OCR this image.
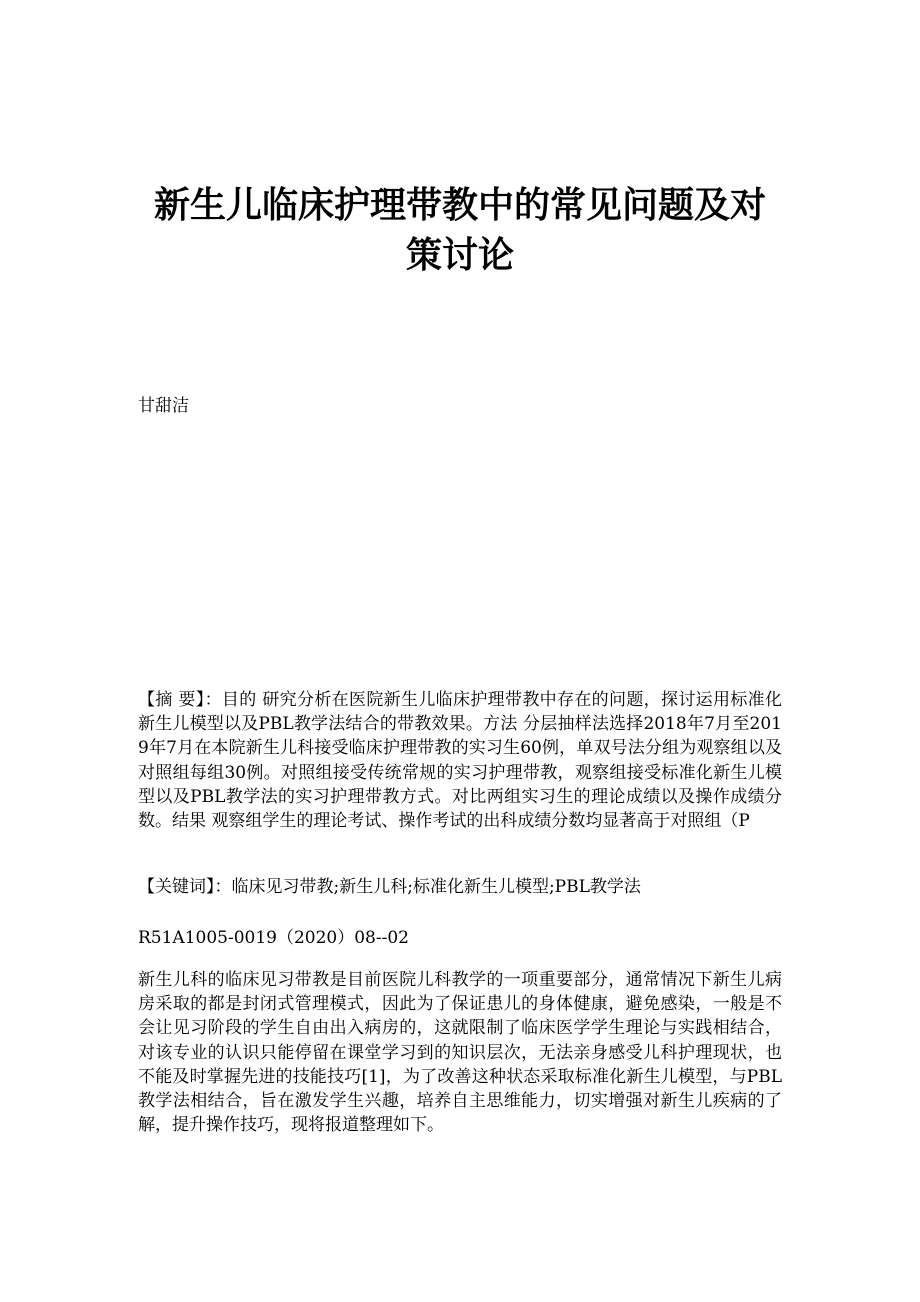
新生儿临床护理带教中的常见问题及对策讨论

甘甜洁

【摘 要】：目的 研究分析在医院新生儿临床护理带教中存在的问题，探讨运用标准化新生儿模型以及PBL教学法结合的带教效果。方法 分层抽样法选择2018年7月至2019年7月在本院新生儿科接受临床护理带教的实习生60例，单双号法分组为观察组以及对照组每组30例。对照组接受传统常规的实习护理带教，观察组接受标准化新生儿模型以及PBL教学法的实习护理带教方式。对比两组实习生的理论成绩以及操作成绩分数。结果 观察组学生的理论考试、操作考试的出科成绩分数均显著高于对照组（P

【关键词】：临床见习带教;新生儿科;标准化新生儿模型;PBL教学法

R51A1005-0019（2020）08--02

新生儿科的临床见习带教是目前医院儿科教学的一项重要部分，通常情况下新生儿病房采取的都是封闭式管理模式，因此为了保证患儿的身体健康，避免感染，一般是不会让见习阶段的学生自由出入病房的，这就限制了临床医学学生理论与实践相结合，对该专业的认识只能停留在课堂学习到的知识层次，无法亲身感受儿科护理现状，也不能及时掌握先进的技能技巧[1]，为了改善这种状态采取标准化新生儿模型，与PBL教学法相结合，旨在激发学生兴趣，培养自主思维能力，切实增强对新生儿疾病的了解，提升操作技巧，现将报道整理如下。
